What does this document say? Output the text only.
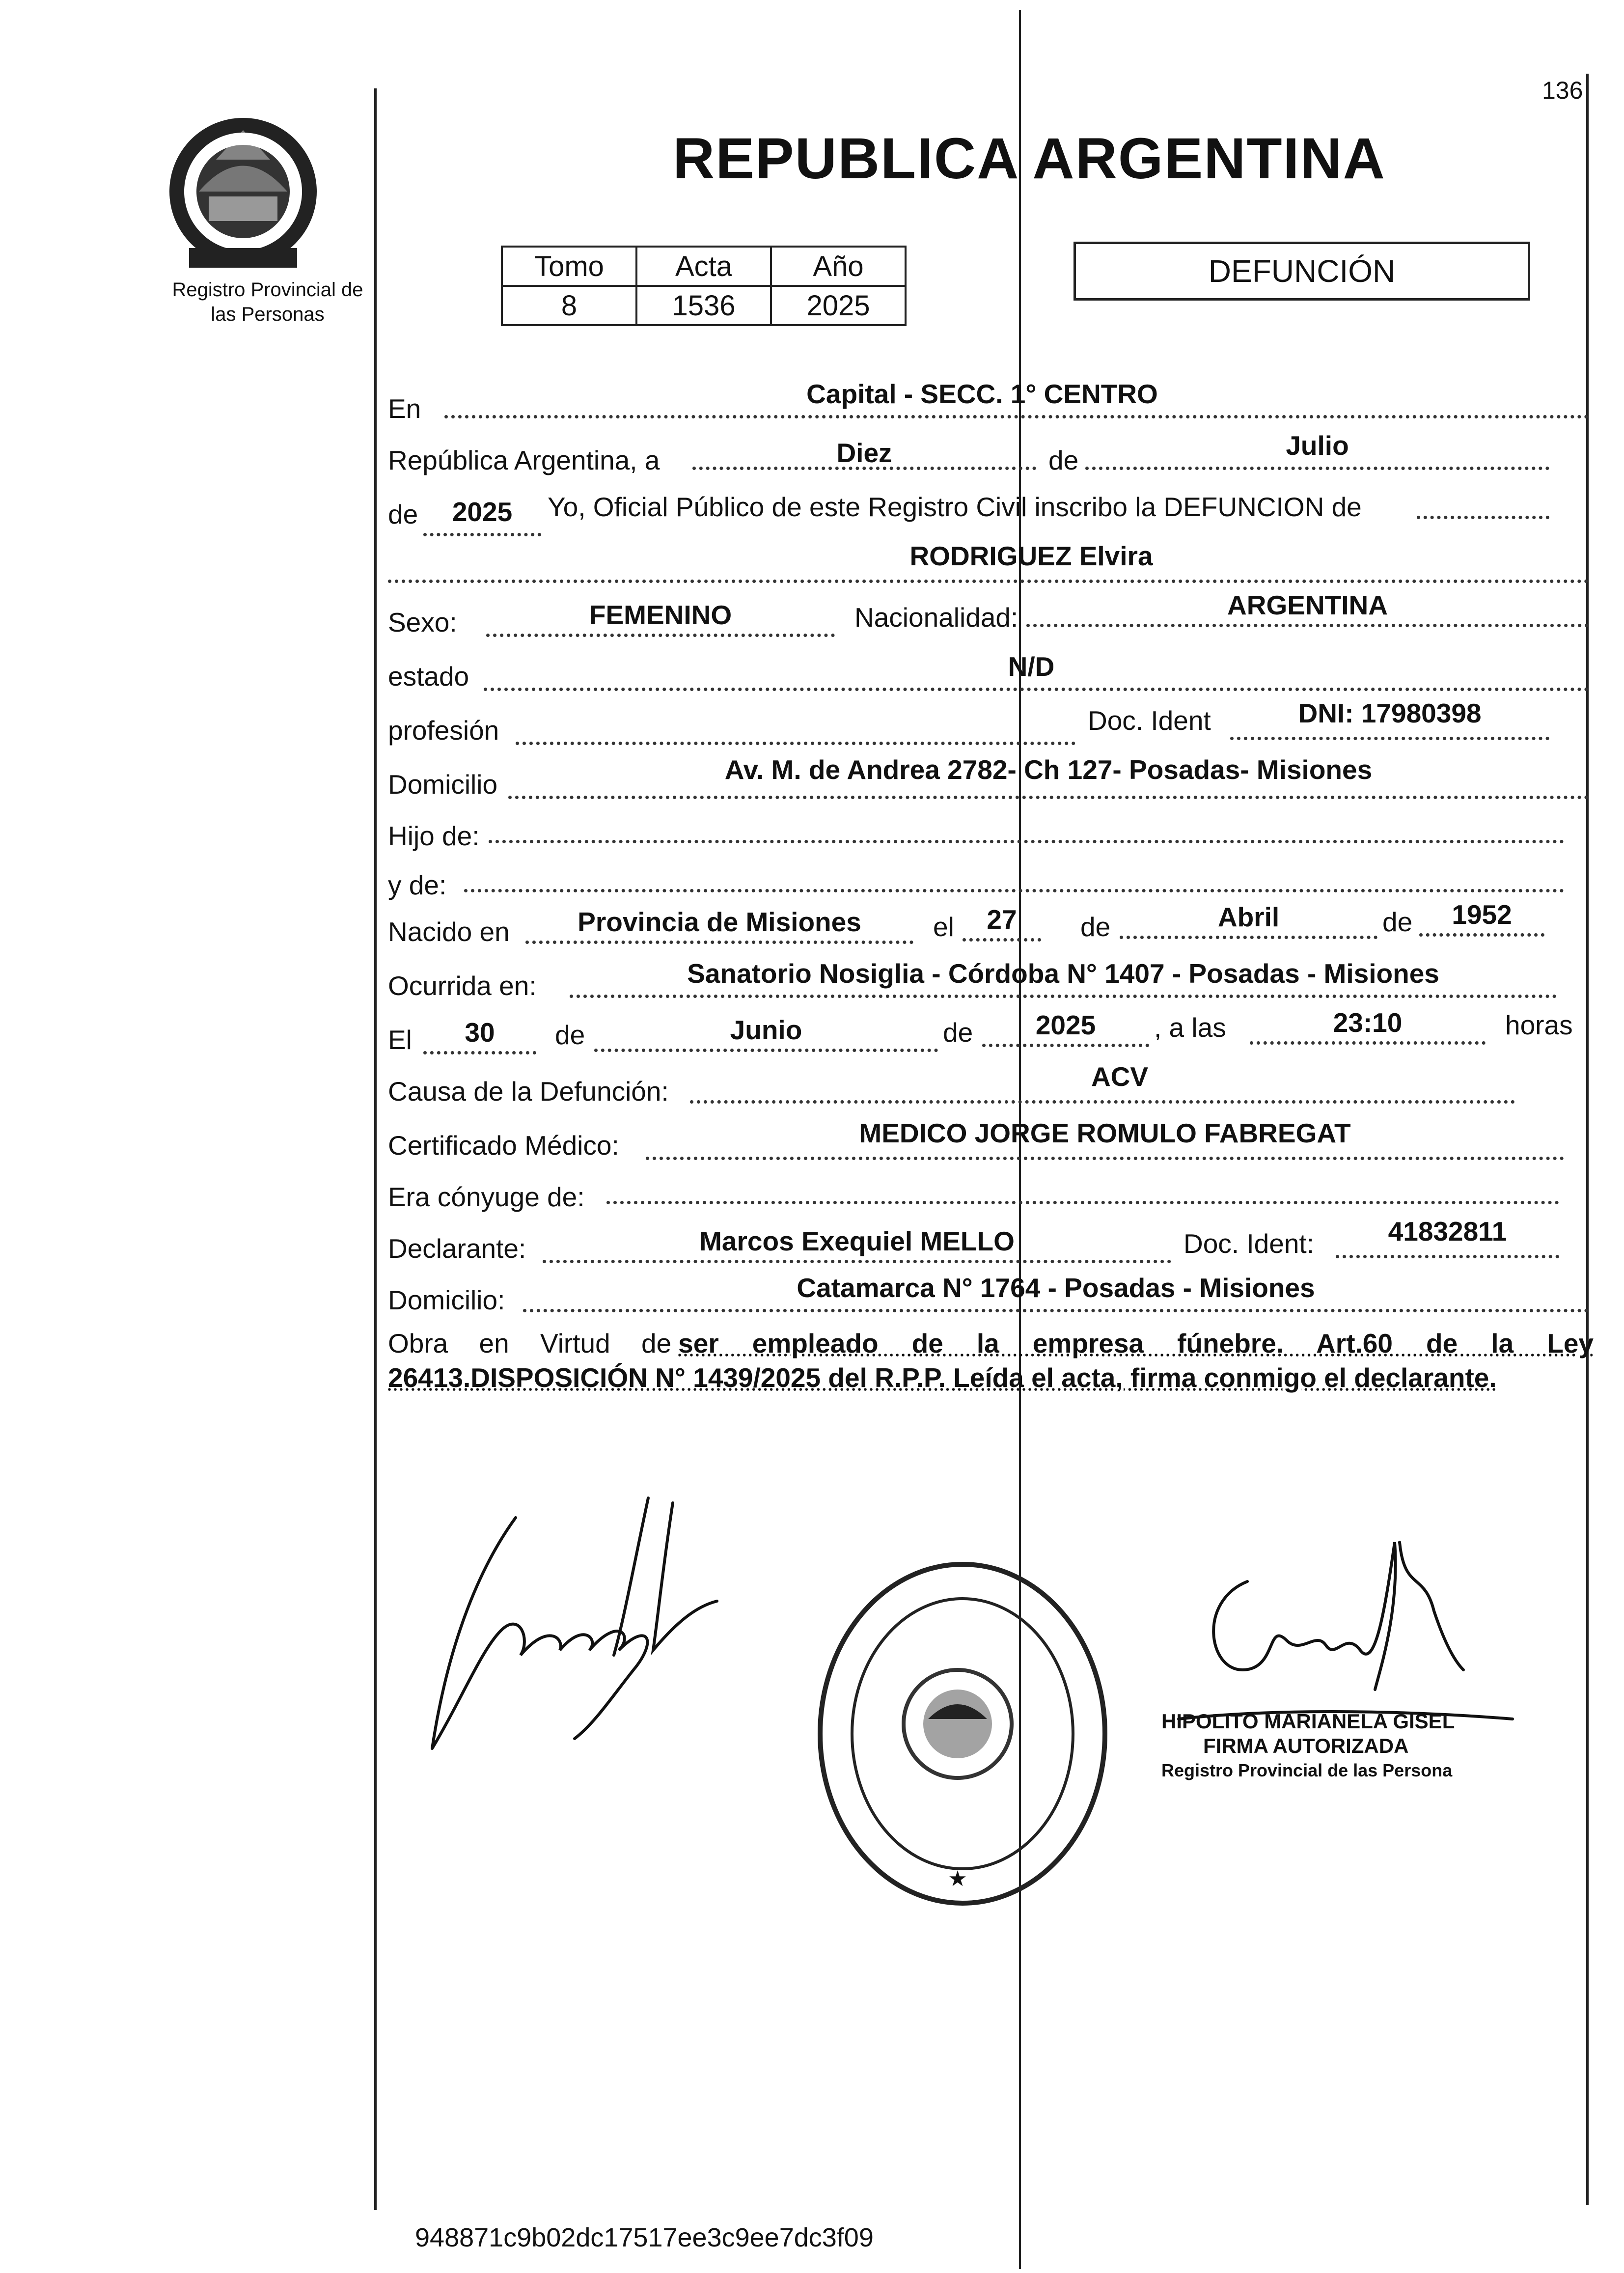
Registro Provincial de
las Personas
136
REPUBLICA ARGENTINA
Tomo	Acta	Año
8	1536	2025
DEFUNCIÓN
En	Capital - SECC. 1° CENTRO
República Argentina, a	Diez	de	Julio
de	2025	Yo, Oficial Público de este Registro Civil inscribo la DEFUNCION de
RODRIGUEZ Elvira
Sexo:	FEMENINO	Nacionalidad:	ARGENTINA
estado	N/D
profesión	Doc. Ident	DNI: 17980398
Domicilio	Av. M. de Andrea 2782- Ch 127- Posadas- Misiones
Hijo de:
y de:
Nacido en	Provincia de Misiones	el	27	de	Abril	de	1952
Ocurrida en:	Sanatorio Nosiglia - Córdoba N° 1407 - Posadas - Misiones
El	30	de	Junio	de	2025	, a las	23:10	horas
Causa de la Defunción:	ACV
Certificado Médico:	MEDICO JORGE ROMULO FABREGAT
Era cónyuge de:
Declarante:	Marcos Exequiel MELLO	Doc. Ident:	41832811
Domicilio:	Catamarca N° 1764 - Posadas - Misiones
Obra en Virtud de ser empleado de la empresa fúnebre. Art.60 de la Ley
26413.DISPOSICIÓN N° 1439/2025 del R.P.P. Leída el acta, firma conmigo el declarante.
★
HIPOLITO MARIANELA GISEL
FIRMA AUTORIZADA
Registro Provincial de las Persona
948871c9b02dc17517ee3c9ee7dc3f09
